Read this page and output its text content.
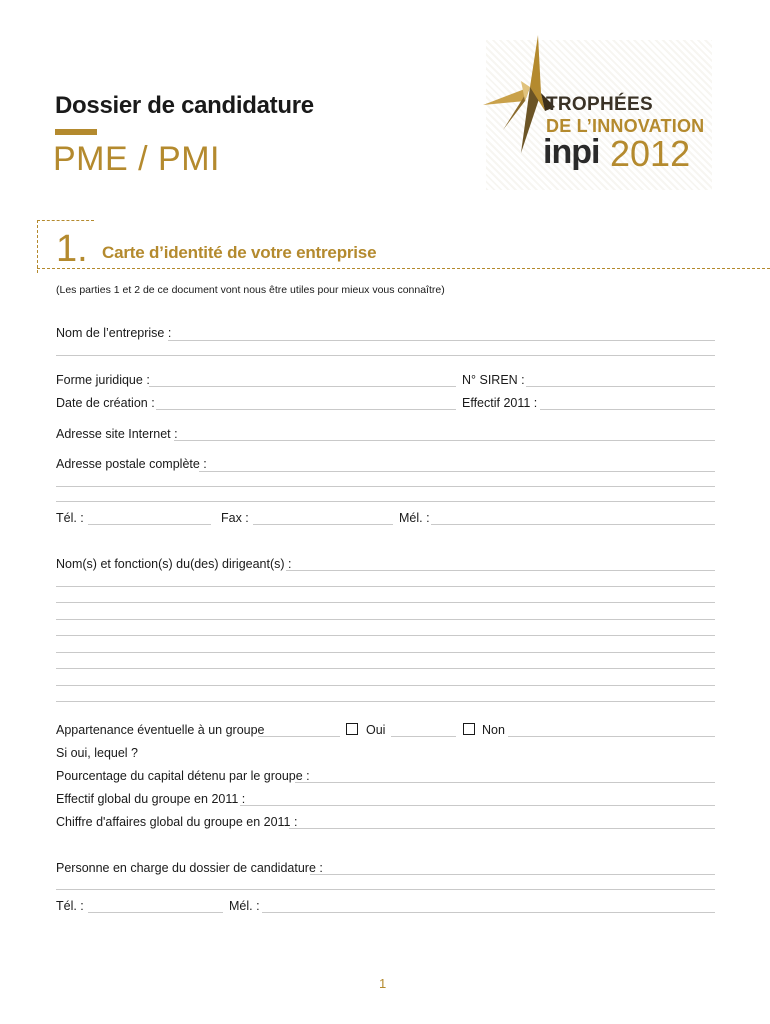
Dossier de candidature
PME / PMI
TROPHÉES
DE L’INNOVATION
inpi 2012
1. Carte d’identité de votre entreprise
(Les parties 1 et 2 de ce document vont nous être utiles pour mieux vous connaître)
Nom de l’entreprise :
Forme juridique :	N° SIREN :
Date de création :	Effectif 2011 :
Adresse site Internet :
Adresse postale complète :
Tél. :	Fax :	Mél. :
Nom(s) et fonction(s) du(des) dirigeant(s) :
Appartenance éventuelle à un groupe	Oui	Non
Si oui, lequel ?
Pourcentage du capital détenu par le groupe :
Effectif global du groupe en 2011 :
Chiffre d'affaires global du groupe en 2011 :
Personne en charge du dossier de candidature :
Tél. :	Mél. :
1
